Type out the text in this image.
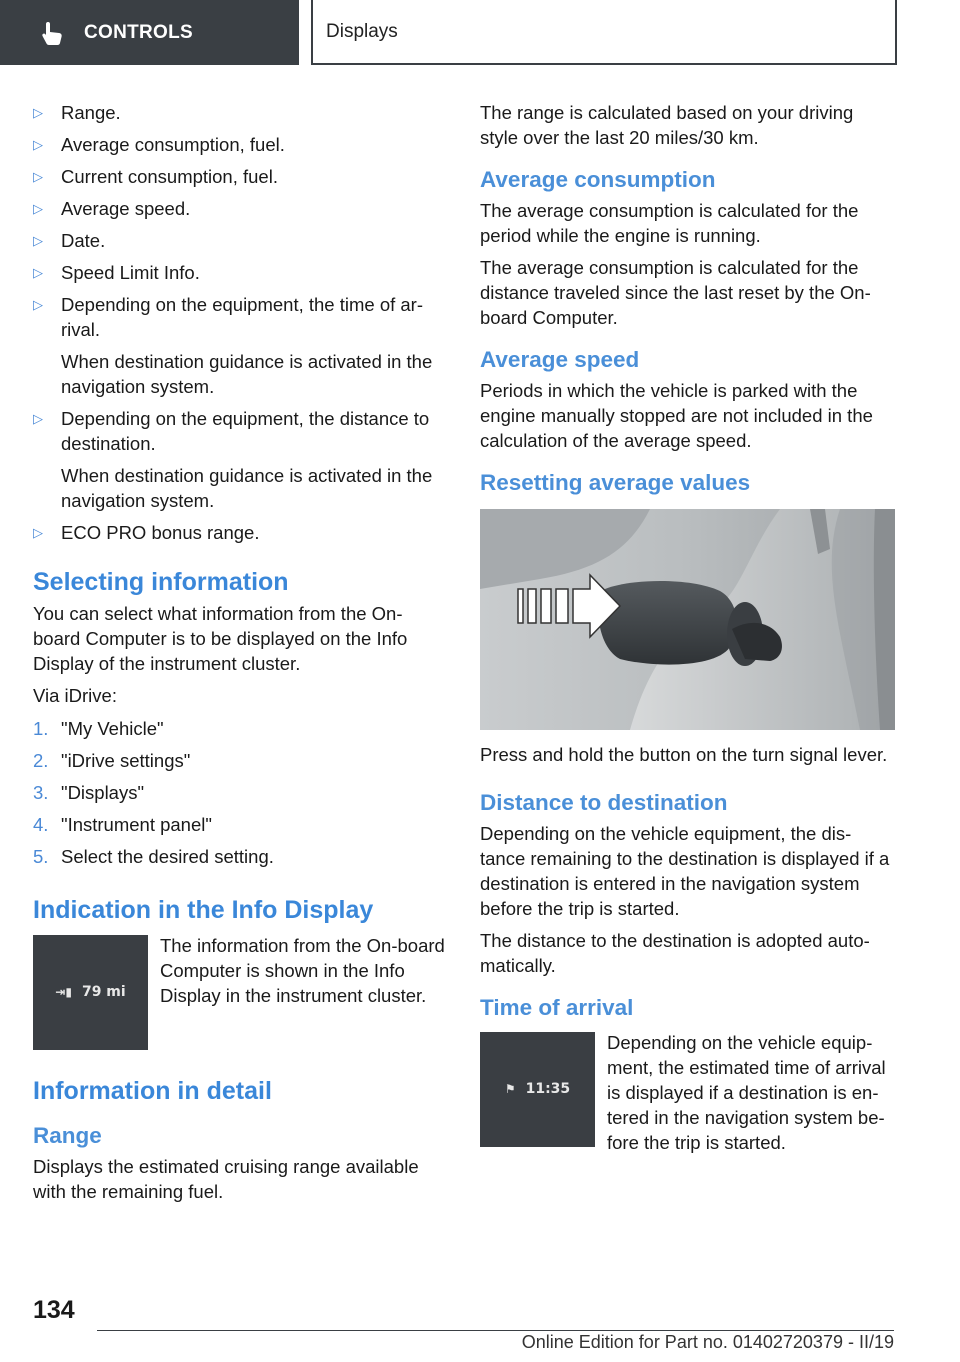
CONTROLS	Displays
▷ Range.
▷ Average consumption, fuel.
▷ Current consumption, fuel.
▷ Average speed.
▷ Date.
▷ Speed Limit Info.
▷ Depending on the equipment, the time of ar-rival.

When destination guidance is activated in the navigation system.

▷ Depending on the equipment, the distance to destination.

When destination guidance is activated in the navigation system.

▷ ECO PRO bonus range.
Selecting information

You can select what information from the On-board Computer is to be displayed on the Info Display of the instrument cluster.

Via iDrive:

1. "My Vehicle"
2. "iDrive settings"
3. "Displays"
4. "Instrument panel"
5. Select the desired setting.
Indication in the Info Display
⇥▮ 79 mi

The information from the On-board Computer is shown in the Info Display in the instrument cluster.

Information in detail
Range

Displays the estimated cruising range available with the remaining fuel.

The range is calculated based on your driving style over the last 20 miles/30 km.

Average consumption

The average consumption is calculated for the period while the engine is running.

The average consumption is calculated for the distance traveled since the last reset by the On-board Computer.

Average speed

Periods in which the vehicle is parked with the engine manually stopped are not included in the calculation of the average speed.

Resetting average values

Press and hold the button on the turn signal lever.

Distance to destination

Depending on the vehicle equipment, the dis-tance remaining to the destination is displayed if a destination is entered in the navigation system before the trip is started.

The distance to the destination is adopted auto-matically.

Time of arrival
⚑ 11:35

Depending on the vehicle equip-ment, the estimated time of arrival is displayed if a destination is en-tered in the navigation system be-fore the trip is started.

134
Online Edition for Part no. 01402720379 - II/19
